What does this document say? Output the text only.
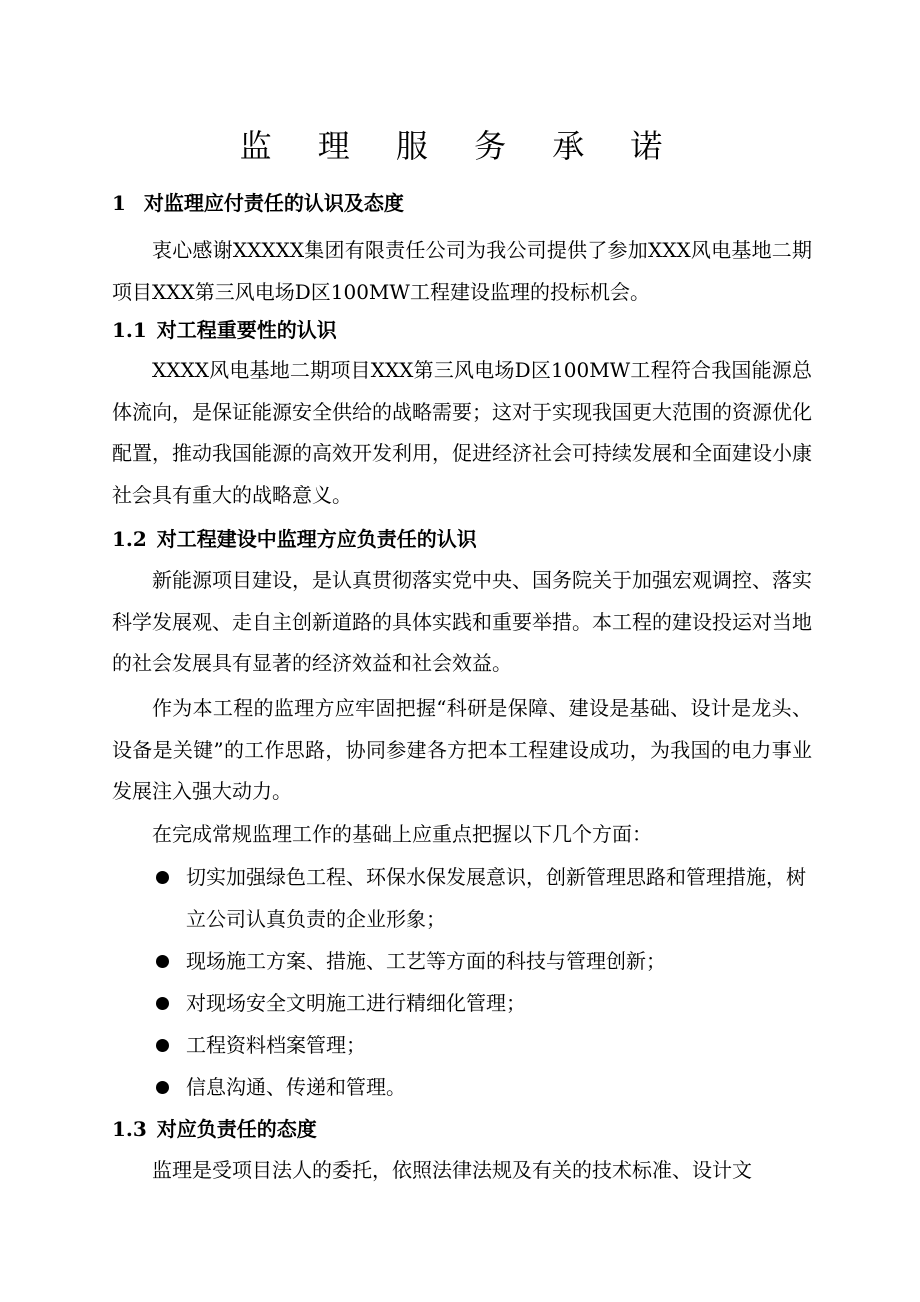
监 理 服 务 承 诺
1 对监理应付责任的认识及态度

衷心感谢XXXXX集团有限责任公司为我公司提供了参加XXX风电基地二期项目XXX第三风电场D区100MW工程建设监理的投标机会。

1.1 对工程重要性的认识

XXXX风电基地二期项目XXX第三风电场D区100MW工程符合我国能源总体流向，是保证能源安全供给的战略需要；这对于实现我国更大范围的资源优化配置，推动我国能源的高效开发利用，促进经济社会可持续发展和全面建设小康社会具有重大的战略意义。

1.2 对工程建设中监理方应负责任的认识

新能源项目建设，是认真贯彻落实党中央、国务院关于加强宏观调控、落实科学发展观、走自主创新道路的具体实践和重要举措。本工程的建设投运对当地的社会发展具有显著的经济效益和社会效益。

作为本工程的监理方应牢固把握“科研是保障、建设是基础、设计是龙头、设备是关键”的工作思路，协同参建各方把本工程建设成功，为我国的电力事业发展注入强大动力。

在完成常规监理工作的基础上应重点把握以下几个方面：

切实加强绿色工程、环保水保发展意识，创新管理思路和管理措施，树立公司认真负责的企业形象；
现场施工方案、措施、工艺等方面的科技与管理创新；
对现场安全文明施工进行精细化管理；
工程资料档案管理；
信息沟通、传递和管理。
1.3 对应负责任的态度

监理是受项目法人的委托，依照法律法规及有关的技术标准、设计文
